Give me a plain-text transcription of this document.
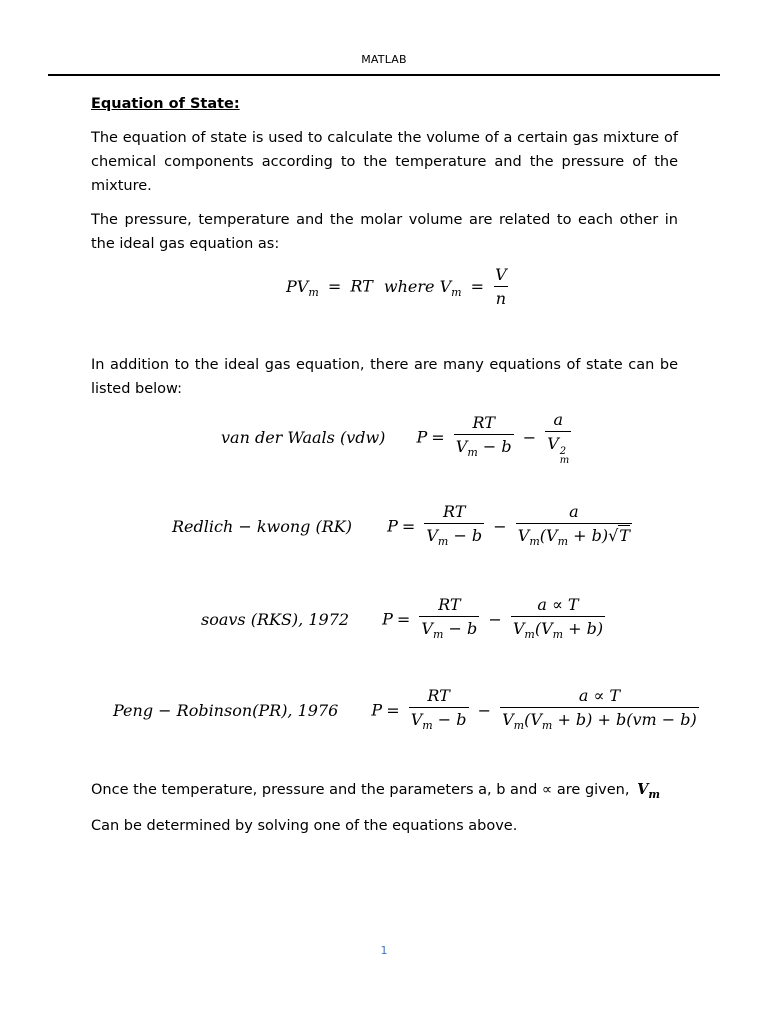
MATLAB
Equation of State:
The equation of state is used to calculate the volume of a certain gas mixture of chemical components according to the temperature and the pressure of the mixture.
The pressure, temperature and the molar volume are related to each other in the ideal gas equation as:
$PV_m$ = RT where $V_m = \frac{V}{n}$
In addition to the ideal gas equation, there are many equations of state can be listed below:
van der Waals (vdw) $P = \frac{RT}{V_m - b} - a$
V 2
m
Redlich − kwong (RK) $P = \frac{RT}{V_m - b} - \frac{a}{V_m(V_m + b)√T}$
soavs (RKS), 1972 $P = \frac{RT}{V_m - b} - \frac{a \propto T}{V_m(V_m + b)}$
Peng − Robinson(PR), 1976 $P = \frac{RT}{V_m - b} - \frac{a \propto T}{V_m(V_m + b) + b(vm - b)}$
Once the temperature, pressure and the parameters a, b and ∝ are given, $V_m$
Can be determined by solving one of the equations above.
1
